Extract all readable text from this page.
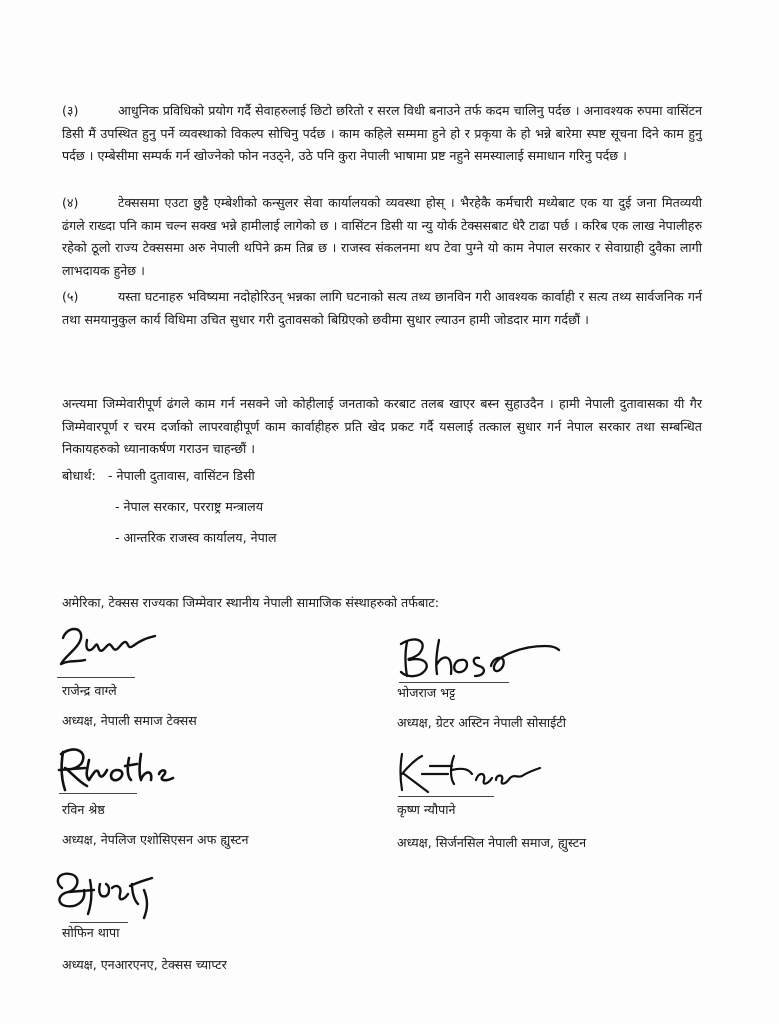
(३)	आधुनिक प्रविधिको प्रयोग गर्दै सेवाहरुलाई छिटो छरितो र सरल विधी बनाउने तर्फ कदम चालिनु पर्दछ । अनावश्यक रुपमा वासिंटन डिसी मैं उपस्थित हुनु पर्ने व्यवस्थाको विकल्प सोचिनु पर्दछ । काम कहिले सम्ममा हुने हो र प्रकृया के हो भन्ने बारेमा स्पष्ट सूचना दिने काम हुनु पर्दछ । एम्बेसीमा सम्पर्क गर्न खोज्नेको फोन नउठ्ने, उठे पनि कुरा नेपाली भाषामा प्रष्ट नहुने समस्यालाई समाधान गरिनु पर्दछ ।
(४)	टेक्ससमा एउटा छुट्टै एम्बेशीको कन्सुलर सेवा कार्यालयको व्यवस्था होस् । भैरहेकै कर्मचारी मध्येबाट एक या दुई जना मितव्ययी ढंगले राख्दा पनि काम चल्न सक्ख भन्ने हामीलाई लागेको छ । वासिंटन डिसी या न्यु योर्क टेक्ससबाट धेरै टाढा पर्छ । करिब एक लाख नेपालीहरु रहेको ठूलो राज्य टेक्ससमा अरु नेपाली थपिने क्रम तिब्र छ । राजस्व संकलनमा थप टेवा पुग्ने यो काम नेपाल सरकार र सेवाग्राही दुवैका लागी लाभदायक हुनेछ ।
(५)	यस्ता घटनाहरु भविष्यमा नदोहोरिउन् भन्नका लागि घटनाको सत्य तथ्य छानविन गरी आवश्यक कार्वाही र सत्य तथ्य सार्वजनिक गर्न तथा समयानुकुल कार्य विधिमा उचित सुधार गरी दुतावसको बिग्रिएको छवीमा सुधार ल्याउन हामी जोडदार माग गर्दछौं ।
अन्त्यमा जिम्मेवारीपूर्ण ढंगले काम गर्न नसक्ने जो कोहीलाई जनताको करबाट तलब खाएर बस्न सुहाउदैन । हामी नेपाली दुतावासका यी गैर जिम्मेवारपूर्ण र चरम दर्जाको लापरवाहीपूर्ण काम कार्वाहीहरु प्रति खेद प्रकट गर्दै यसलाई तत्काल सुधार गर्न नेपाल सरकार तथा सम्बन्धित निकायहरुको ध्यानाकर्षण गराउन चाहन्छौं ।
बोधार्थ: - नेपाली दुतावास, वासिंटन डिसी
- नेपाल सरकार, परराष्ट्र मन्त्रालय
- आन्तरिक राजस्व कार्यालय, नेपाल
अमेरिका, टेक्सस राज्यका जिम्मेवार स्थानीय नेपाली सामाजिक संस्थाहरुको तर्फबाट:
राजेन्द्र वाग्ले
अध्यक्ष, नेपाली समाज टेक्सस
भोजराज भट्ट
अध्यक्ष, ग्रेटर अस्टिन नेपाली सोसाईटी
रविन श्रेष्ठ
अध्यक्ष, नेपलिज एशोसिएसन अफ ह्युस्टन
कृष्ण न्यौपाने
अध्यक्ष, सिर्जनसिल नेपाली समाज, ह्युस्टन
सोफिन थापा
अध्यक्ष, एनआरएनए, टेक्सस च्याप्टर
